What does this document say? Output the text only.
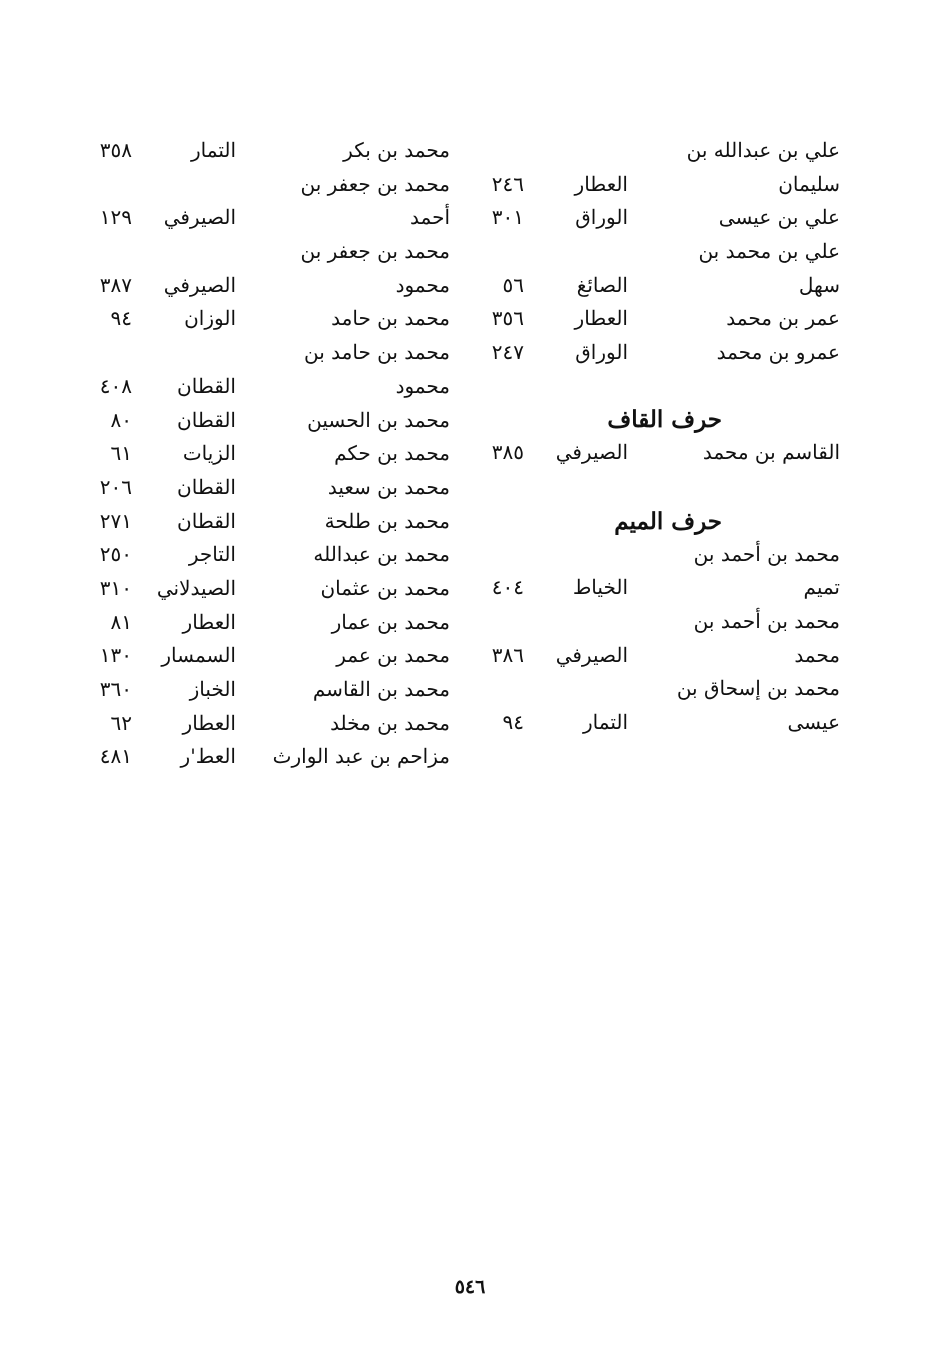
علي بن عبدالله بن
سليمان
العطار
٢٤٦
علي بن عيسى
الوراق
٣٠١
علي بن محمد بن
سهل
الصائغ
٥٦
عمر بن محمد
العطار
٣٥٦
عمرو بن محمد
الوراق
٢٤٧
حرف القاف
القاسم بن محمد
الصيرفي
٣٨٥
حرف الميم
محمد بن أحمد بن
تميم
الخياط
٤٠٤
محمد بن أحمد بن
محمد
الصيرفي
٣٨٦
محمد بن إسحاق بن
عيسى
التمار
٩٤
محمد بن بكر
التمار
٣٥٨
محمد بن جعفر بن
أحمد
الصيرفي
١٢٩
محمد بن جعفر بن
محمود
الصيرفي
٣٨٧
محمد بن حامد
الوزان
٩٤
محمد بن حامد بن
محمود
القطان
٤٠٨
محمد بن الحسين
القطان
٨٠
محمد بن حكم
الزيات
٦١
محمد بن سعيد
القطان
٢٠٦
محمد بن طلحة
القطان
٢٧١
محمد بن عبدالله
التاجر
٢٥٠
محمد بن عثمان
الصيدلاني
٣١٠
محمد بن عمار
العطار
٨١
محمد بن عمر
السمسار
١٣٠
محمد بن القاسم
الخباز
٣٦٠
محمد بن مخلد
العطار
٦٢
مزاحم بن عبد الوارث
العط'ر
٤٨١
٥٤٦
